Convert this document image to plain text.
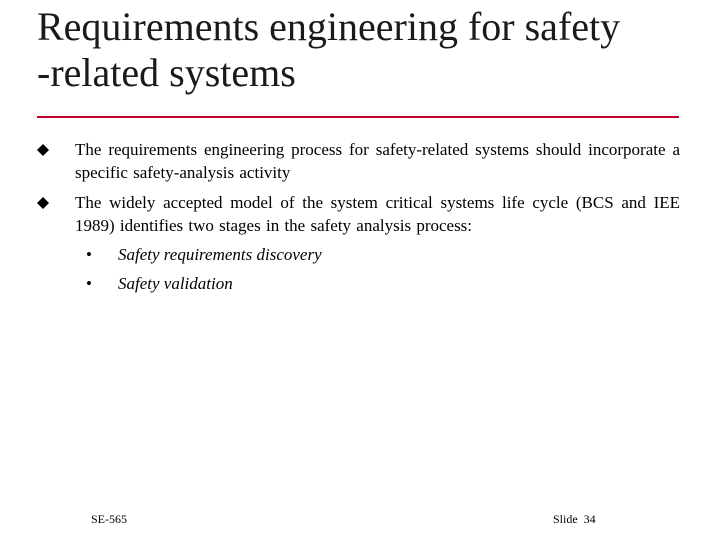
Requirements engineering for safety
-related systems
The requirements engineering process for safety-related systems should incorporate a specific safety-analysis activity
The widely accepted model of the system critical systems life cycle (BCS and IEE 1989) identifies two stages in the safety analysis process:
• Safety requirements discovery
• Safety validation
SE-565	Slide 34
